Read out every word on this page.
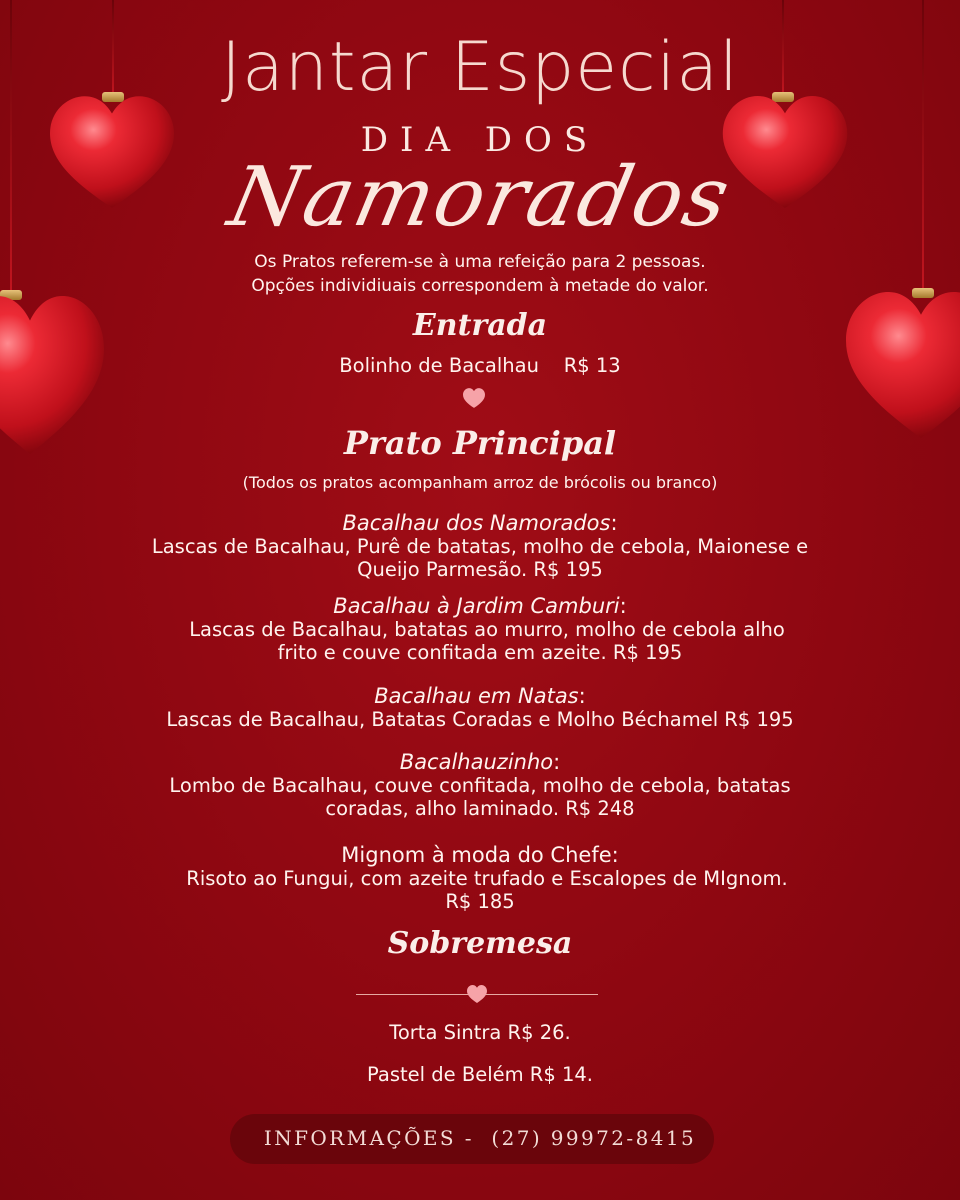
Jantar Especial
DIA DOS
Namorados
Os Pratos referem-se à uma refeição para 2 pessoas.
Opções individiuais correspondem à metade do valor.
Entrada
Bolinho de Bacalhau    R$ 13
Prato Principal
(Todos os pratos acompanham arroz de brócolis ou branco)
Bacalhau dos Namorados:
Lascas de Bacalhau, Purê de batatas, molho de cebola, Maionese e
Queijo Parmesão. R$ 195
Bacalhau à Jardim Camburi:
Lascas de Bacalhau, batatas ao murro, molho de cebola alho
frito e couve confitada em azeite. R$ 195
Bacalhau em Natas:
Lascas de Bacalhau, Batatas Coradas e Molho Béchamel R$ 195
Bacalhauzinho:
Lombo de Bacalhau, couve confitada, molho de cebola, batatas
coradas, alho laminado. R$ 248
Mignom à moda do Chefe:
Risoto ao Fungui, com azeite trufado e Escalopes de MIgnom.
R$ 185
Sobremesa
Torta Sintra R$ 26.
Pastel de Belém R$ 14.
INFORMAÇÕES -  (27) 99972-8415
